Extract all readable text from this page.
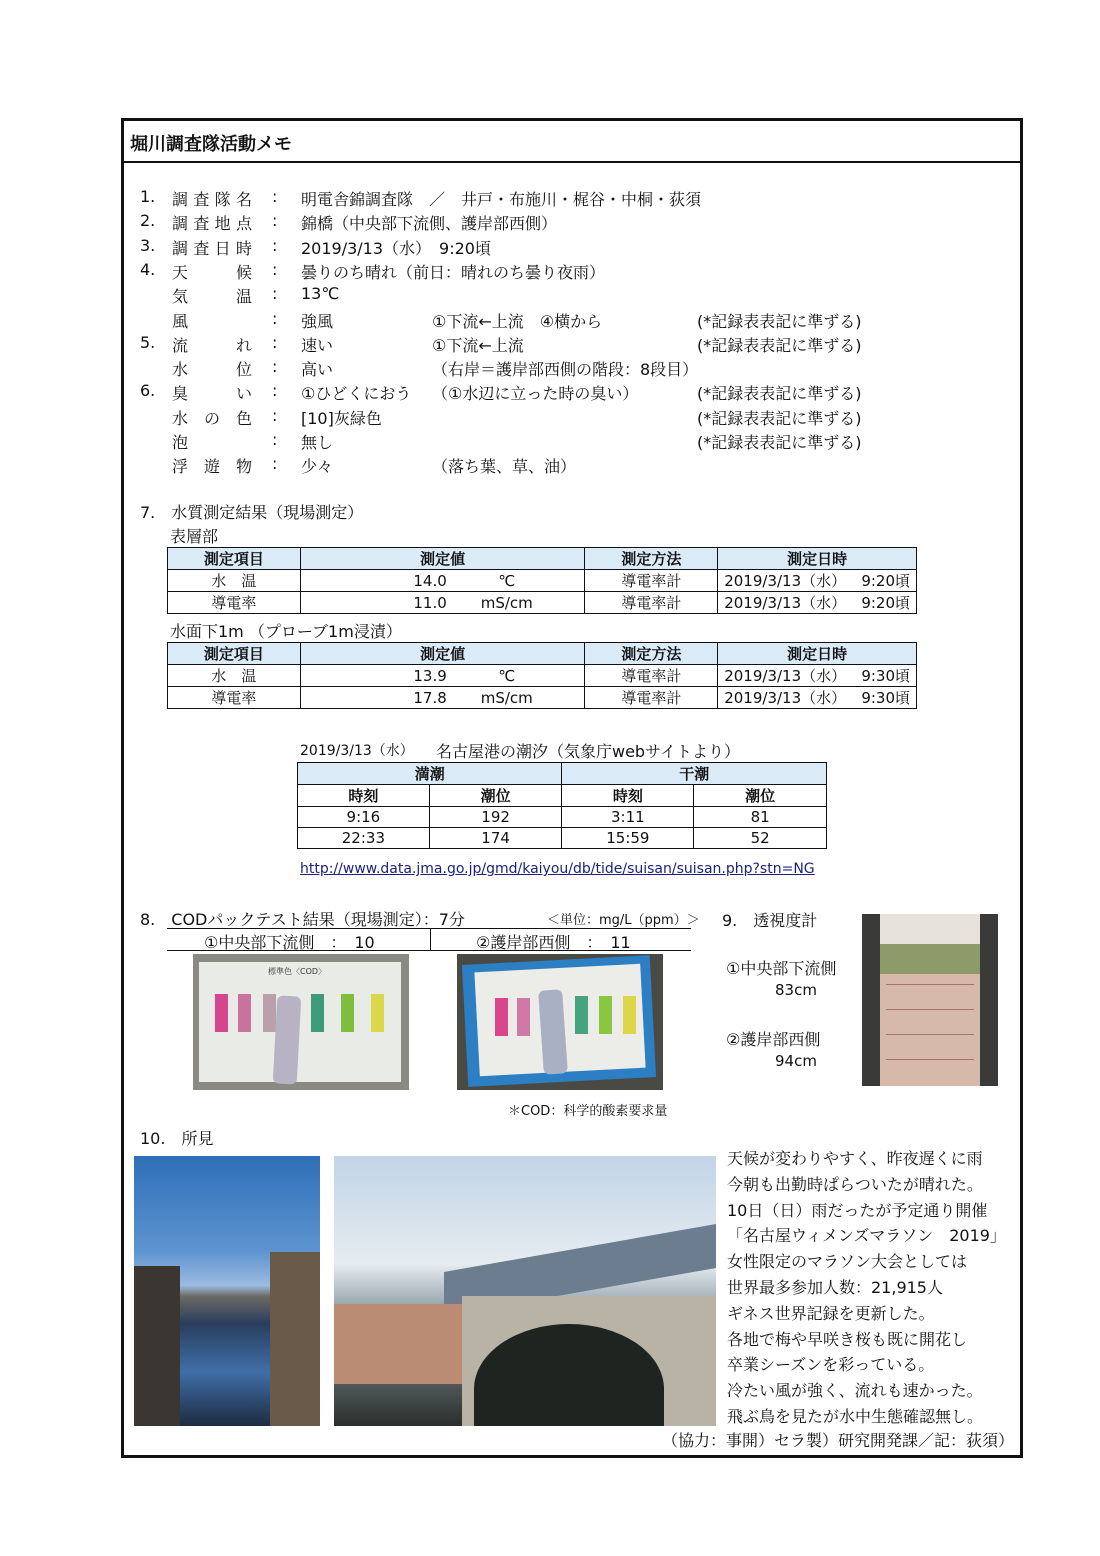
堀川調査隊活動メモ
1. 調査隊名 : 明電舎錦調査隊　／　井戸・布施川・梶谷・中桐・荻須
2. 調査地点 : 錦橋（中央部下流側、護岸部西側）
3. 調査日時 : 2019/3/13（水）　9:20頃
4. 天　候 : 曇りのち晴れ（前日：晴れのち曇り夜雨）
気　温 : 13℃
風	: 強風	①下流←上流　④横から	(*記録表表記に準ずる)
5. 流　れ : 速い	①下流←上流	(*記録表表記に準ずる)
水　位 : 高い	（右岸＝護岸部西側の階段：8段目）
6. 臭　い : ①ひどくにおう （①水辺に立った時の臭い）	(*記録表表記に準ずる)
水の色 : [10]灰緑色	(*記録表表記に準ずる)
泡	: 無し	(*記録表表記に準ずる)
浮遊物 : 少々	（落ち葉、草、油）
7.　水質測定結果（現場測定）
表層部
測定項目	測定値	測定方法	測定日時
水　温	14.0 ℃	導電率計	2019/3/13（水） 9:20頃

導電率	11.0 mS/cm	導電率計	2019/3/13（水） 9:20頃
水面下1m （プローブ1m浸漬）
測定項目	測定値	測定方法	測定日時
水　温	13.9 ℃	導電率計	2019/3/13（水） 9:30頃

導電率	17.8 mS/cm	導電率計	2019/3/13（水） 9:30頃
2019/3/13（水） 名古屋港の潮汐（気象庁webサイトより）
満潮		干潮	
時刻	潮位	時刻	潮位
9:16	192	3:11	81
22:33	174	15:59	52
http://www.data.jma.go.jp/gmd/kaiyou/db/tide/suisan/suisan.php?stn=NG
8.　CODパックテスト結果（現場測定）：7分	＜単位：mg/L（ppm）＞
①中央部下流側　：　10	②護岸部西側　：　11
標準色〈COD〉
＊COD：科学的酸素要求量
9.　透視度計
①中央部下流側
83cm
②護岸部西側
94cm
10.　所見
天候が変わりやすく、昨夜遅くに雨
今朝も出勤時ぱらついたが晴れた。
10日（日）雨だったが予定通り開催
「名古屋ウィメンズマラソン　2019」
女性限定のマラソン大会としては
世界最多参加人数：21,915人
ギネス世界記録を更新した。
各地で梅や早咲き桜も既に開花し
卒業シーズンを彩っている。
冷たい風が強く、流れも速かった。
飛ぶ鳥を見たが水中生態確認無し。
（協力：事開）セラ製）研究開発課／記：荻須）
